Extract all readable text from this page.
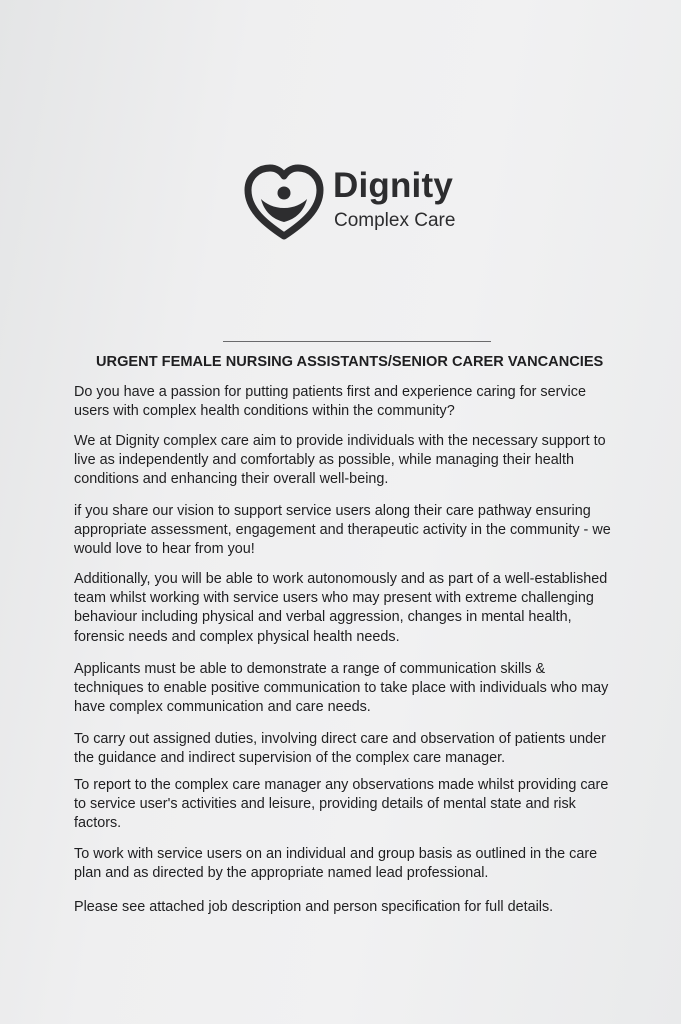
Dignity
Complex Care
URGENT FEMALE NURSING ASSISTANTS/SENIOR CARER VANCANCIES

Do you have a passion for putting patients first and experience caring for service
users with complex health conditions within the community?

We at Dignity complex care aim to provide individuals with the necessary support to
live as independently and comfortably as possible, while managing their health
conditions and enhancing their overall well-being.

if you share our vision to support service users along their care pathway ensuring
appropriate assessment, engagement and therapeutic activity in the community - we
would love to hear from you!

Additionally, you will be able to work autonomously and as part of a well-established
team whilst working with service users who may present with extreme challenging
behaviour including physical and verbal aggression, changes in mental health,
forensic needs and complex physical health needs.

Applicants must be able to demonstrate a range of communication skills &
techniques to enable positive communication to take place with individuals who may
have complex communication and care needs.

To carry out assigned duties, involving direct care and observation of patients under
the guidance and indirect supervision of the complex care manager.

To report to the complex care manager any observations made whilst providing care
to service user's activities and leisure, providing details of mental state and risk
factors.

To work with service users on an individual and group basis as outlined in the care
plan and as directed by the appropriate named lead professional.

Please see attached job description and person specification for full details.
